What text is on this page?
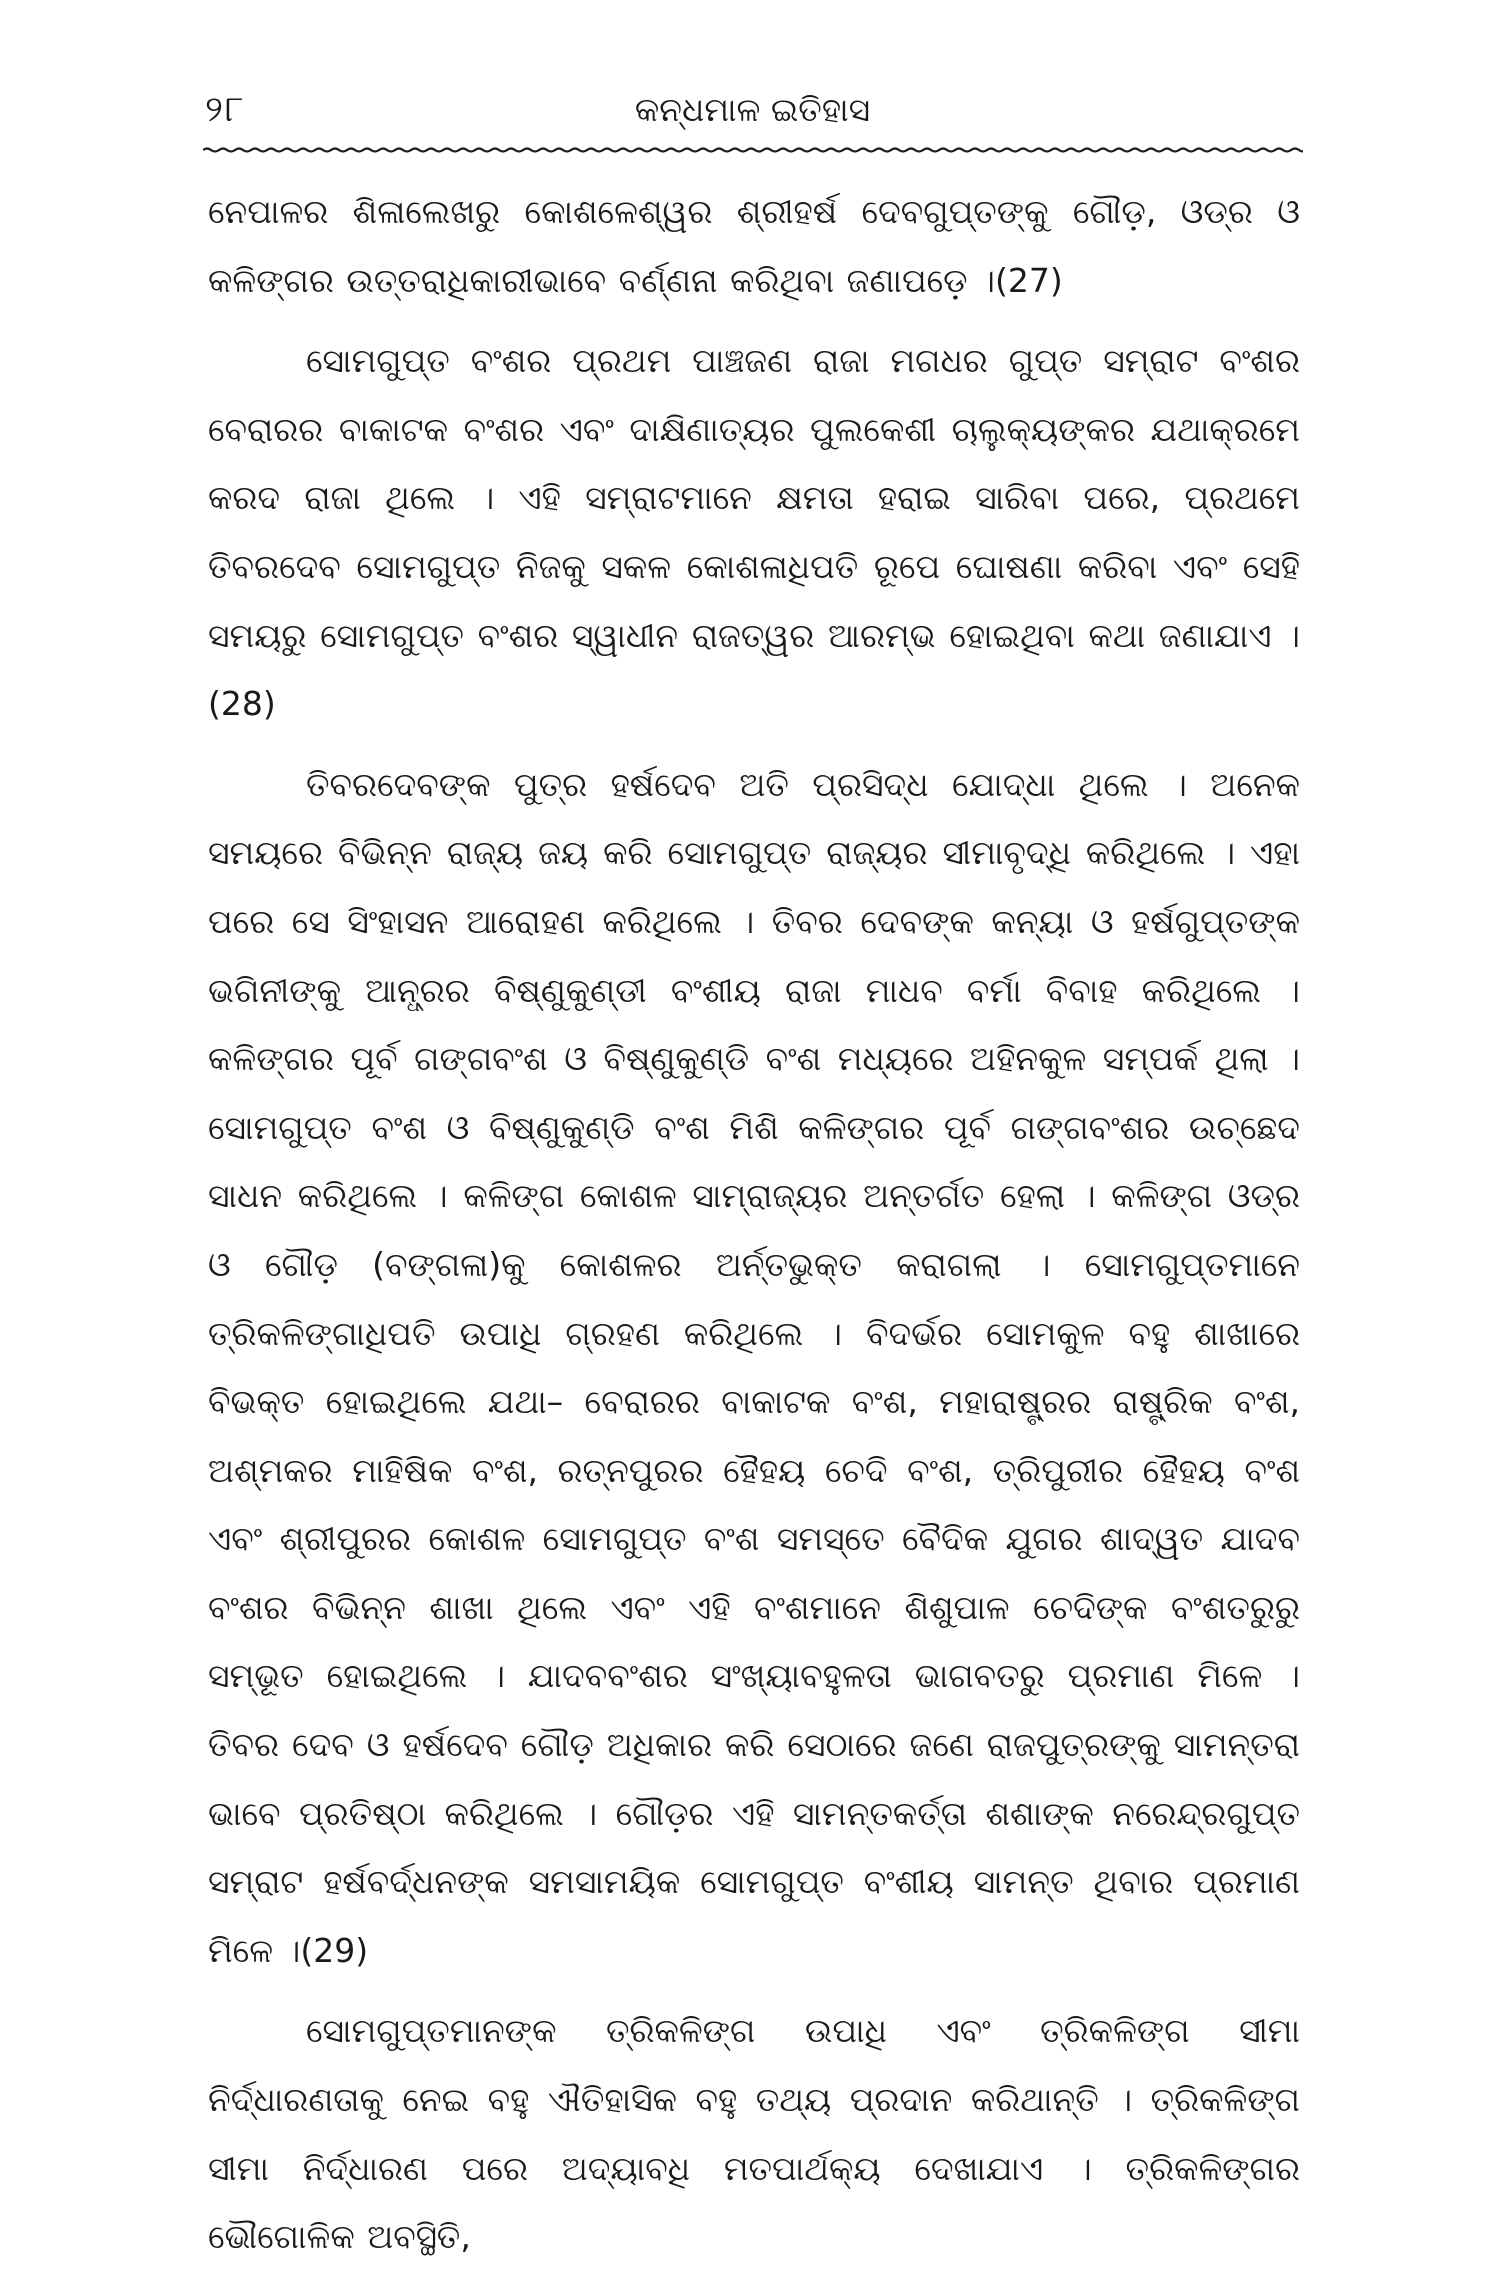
୨୮	କନ୍ଧମାଳ ଇତିହାସ

ନେପାଳର ଶିଳାଲେଖରୁ କୋଶଳେଶ୍ୱର ଶ୍ରୀହର୍ଷ ଦେବଗୁପ୍ତଙ୍କୁ ଗୌଡ଼, ଓଡ୍ର ଓ କଳିଙ୍ଗର ଉତ୍ତରାଧିକାରୀଭାବେ ବର୍ଣ୍ଣନା କରିଥିବା ଜଣାପଡ଼େ ।(27)

ସୋମଗୁପ୍ତ ବଂଶର ପ୍ରଥମ ପାଞ୍ଚଜଣ ରାଜା ମଗଧର ଗୁପ୍ତ ସମ୍ରାଟ ବଂଶର ବେରାରର ବାକାଟକ ବଂଶର ଏବଂ ଦାକ୍ଷିଣାତ୍ୟର ପୁଲକେଶୀ ଚାଲୁକ୍ୟଙ୍କର ଯଥାକ୍ରମେ କରଦ ରାଜା ଥିଲେ । ଏହି ସମ୍ରାଟମାନେ କ୍ଷମତା ହରାଇ ସାରିବା ପରେ, ପ୍ରଥମେ ତିବରଦେବ ସୋମଗୁପ୍ତ ନିଜକୁ ସକଳ କୋଶଳାଧିପତି ରୂପେ ଘୋଷଣା କରିବା ଏବଂ ସେହି ସମୟରୁ ସୋମଗୁପ୍ତ ବଂଶର ସ୍ୱାଧୀନ ରାଜତ୍ୱର ଆରମ୍ଭ ହୋଇଥିବା କଥା ଜଣାଯାଏ ।(28)

ତିବରଦେବଙ୍କ ପୁତ୍ର ହର୍ଷଦେବ ଅତି ପ୍ରସିଦ୍ଧ ଯୋଦ୍ଧା ଥିଲେ । ଅନେକ ସମୟରେ ବିଭିନ୍ନ ରାଜ୍ୟ ଜୟ କରି ସୋମଗୁପ୍ତ ରାଜ୍ୟର ସୀମାବୃଦ୍ଧି କରିଥିଲେ । ଏହା ପରେ ସେ ସିଂହାସନ ଆରୋହଣ କରିଥିଲେ । ତିବର ଦେବଙ୍କ କନ୍ୟା ଓ ହର୍ଷଗୁପ୍ତଙ୍କ ଭଗିନୀଙ୍କୁ ଆନ୍ଧ୍ରର ବିଷ୍ଣୁକୁଣ୍ଡୀ ବଂଶୀୟ ରାଜା ମାଧବ ବର୍ମା ବିବାହ କରିଥିଲେ । କଳିଙ୍ଗର ପୂର୍ବ ଗଙ୍ଗବଂଶ ଓ ବିଷ୍ଣୁକୁଣ୍ଡି ବଂଶ ମଧ୍ୟରେ ଅହିନକୁଳ ସମ୍ପର୍କ ଥିଲା । ସୋମଗୁପ୍ତ ବଂଶ ଓ ବିଷ୍ଣୁକୁଣ୍ଡି ବଂଶ ମିଶି କଳିଙ୍ଗର ପୂର୍ବ ଗଙ୍ଗବଂଶର ଉଚ୍ଛେଦ ସାଧନ କରିଥିଲେ । କଳିଙ୍ଗ କୋଶଳ ସାମ୍ରାଜ୍ୟର ଅନ୍ତର୍ଗତ ହେଲା । କଳିଙ୍ଗ ଓଡ୍ର ଓ ଗୌଡ଼ (ବଙ୍ଗଳା)କୁ କୋଶଳର ଅର୍ନ୍ତଭୁକ୍ତ କରାଗଲା । ସୋମଗୁପ୍ତମାନେ ତ୍ରିକଳିଙ୍ଗାଧିପତି ଉପାଧି ଗ୍ରହଣ କରିଥିଲେ । ବିଦର୍ଭର ସୋମକୁଳ ବହୁ ଶାଖାରେ ବିଭକ୍ତ ହୋଇଥିଲେ ଯଥା– ବେରାରର ବାକାଟକ ବଂଶ, ମହାରାଷ୍ଟ୍ରର ରାଷ୍ଟ୍ରିକ ବଂଶ, ଅଶ୍ମକର ମାହିଷିକ ବଂଶ, ରତ୍ନପୁରର ହୈହୟ ଚେଦି ବଂଶ, ତ୍ରିପୁରୀର ହୈହୟ ବଂଶ ଏବଂ ଶ୍ରୀପୁରର କୋଶଳ ସୋମଗୁପ୍ତ ବଂଶ ସମସ୍ତେ ବୈଦିକ ଯୁଗର ଶାଦ୍ୱତ ଯାଦବ ବଂଶର ବିଭିନ୍ନ ଶାଖା ଥିଲେ ଏବଂ ଏହି ବଂଶମାନେ ଶିଶୁପାଳ ଚେଦିଙ୍କ ବଂଶତରୁରୁ ସମ୍ଭୂତ ହୋଇଥିଲେ । ଯାଦବବଂଶର ସଂଖ୍ୟାବହୁଳତା ଭାଗବତରୁ ପ୍ରମାଣ ମିଳେ । ତିବର ଦେବ ଓ ହର୍ଷଦେବ ଗୌଡ଼ ଅଧିକାର କରି ସେଠାରେ ଜଣେ ରାଜପୁତ୍ରଙ୍କୁ ସାମନ୍ତରା ଭାବେ ପ୍ରତିଷ୍ଠା କରିଥିଲେ । ଗୌଡ଼ର ଏହି ସାମନ୍ତକର୍ତ୍ତା ଶଶାଙ୍କ ନରେନ୍ଦ୍ରଗୁପ୍ତ ସମ୍ରାଟ ହର୍ଷବର୍ଦ୍ଧନଙ୍କ ସମସାମୟିକ ସୋମଗୁପ୍ତ ବଂଶୀୟ ସାମନ୍ତ ଥିବାର ପ୍ରମାଣ ମିଳେ ।(29)

ସୋମଗୁପ୍ତମାନଙ୍କ ତ୍ରିକଳିଙ୍ଗ ଉପାଧି ଏବଂ ତ୍ରିକଳିଙ୍ଗ ସୀମା ନିର୍ଦ୍ଧାରଣତାକୁ ନେଇ ବହୁ ଐତିହାସିକ ବହୁ ତଥ୍ୟ ପ୍ରଦାନ କରିଥାନ୍ତି । ତ୍ରିକଳିଙ୍ଗ ସୀମା ନିର୍ଦ୍ଧାରଣ ପରେ ଅଦ୍ୟାବଧି ମତପାର୍ଥକ୍ୟ ଦେଖାଯାଏ । ତ୍ରିକଳିଙ୍ଗର ଭୌଗୋଳିକ ଅବସ୍ଥିତି,
